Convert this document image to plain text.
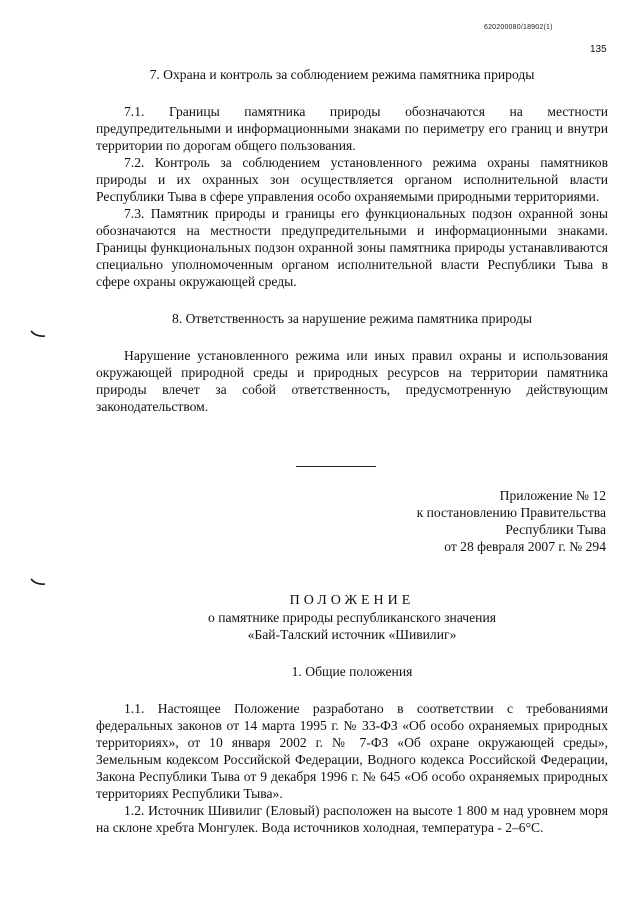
620200080/18902(1)
135
7. Охрана и контроль за соблюдением режима памятника природы

7.1. Границы памятника природы обозначаются на местности предупредительными и информационными знаками по периметру его границ и внутри территории по дорогам общего пользования.

7.2. Контроль за соблюдением установленного режима охраны памятников природы и их охранных зон осуществляется органом исполнительной власти Республики Тыва в сфере управления особо охраняемыми природными территориями.

7.3. Памятник природы и границы его функциональных подзон охранной зоны обозначаются на местности предупредительными и информационными знаками. Границы функциональных подзон охранной зоны памятника природы устанавливаются специально уполномоченным органом исполнительной власти Республики Тыва в сфере охраны окружающей среды.

8. Ответственность за нарушение режима памятника природы

Нарушение установленного режима или иных правил охраны и использования окружающей природной среды и природных ресурсов на территории памятника природы влечет за собой ответственность, предусмотренную действующим законодательством.

Приложение № 12
к постановлению Правительства
Республики Тыва
от 28 февраля 2007 г. № 294
ПОЛОЖЕНИЕ
о памятнике природы республиканского значения
«Бай-Талский источник «Шивилиг»
1. Общие положения

1.1. Настоящее Положение разработано в соответствии с требованиями федеральных законов от 14 марта 1995 г. № 33-ФЗ «Об особо охраняемых природных территориях», от 10 января 2002 г. № 7-ФЗ «Об охране окружающей среды», Земельным кодексом Российской Федерации, Водного кодекса Российской Федерации, Закона Республики Тыва от 9 декабря 1996 г. № 645 «Об особо охраняемых природных территориях Республики Тыва».

1.2. Источник Шивилиг (Еловый) расположен на высоте 1 800 м над уровнем моря на склоне хребта Монгулек. Вода источников холодная, температура - 2–6°С.
